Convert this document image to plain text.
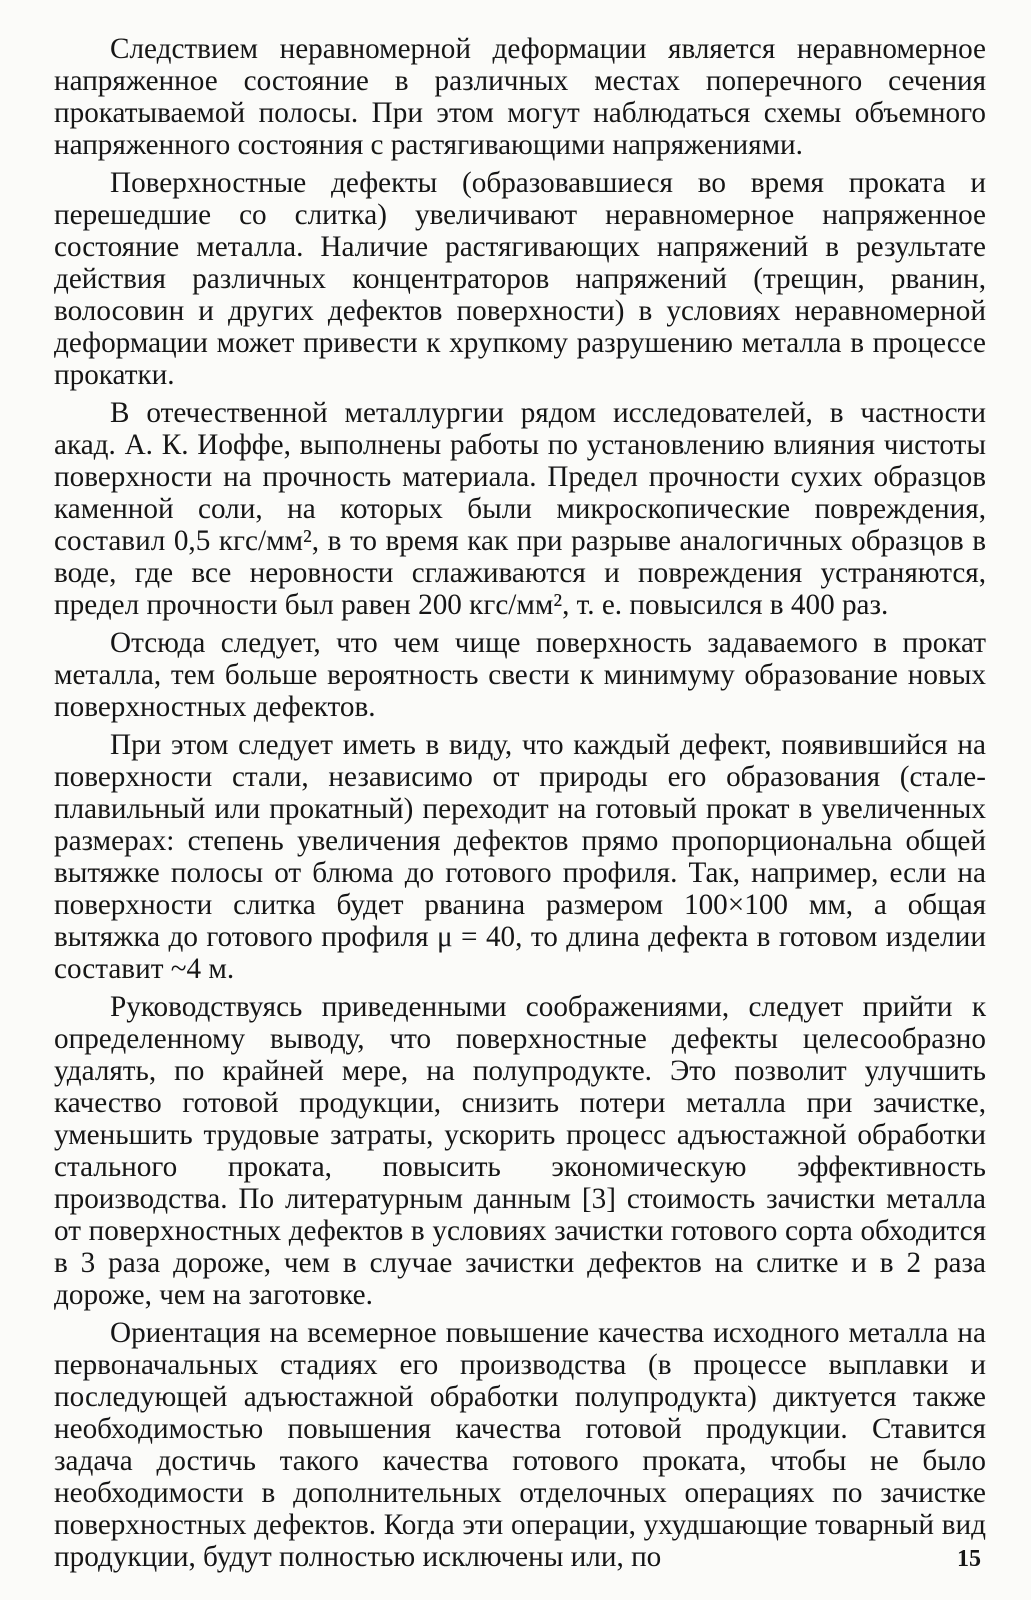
Следствием неравномерной деформации является неравномерное напряженное состояние в различных местах поперечного сечения прокатываемой полосы. При этом могут наблюдаться схемы объемного напряженного состояния с растягивающими напряжениями.

Поверхностные дефекты (образовавшиеся во время проката и перешедшие со слитка) увеличивают неравномерное напряженное состояние металла. Наличие растягивающих напряжений в результате действия различных концентраторов напряжений (трещин, рванин, волосовин и других дефектов поверхности) в условиях неравномерной деформации может привести к хрупкому разрушению металла в процессе прокатки.

В отечественной металлургии рядом исследователей, в частности акад. А. К. Иоффе, выполнены работы по установлению влияния чистоты поверхности на прочность материала. Предел прочности сухих образцов каменной соли, на которых были микроскопические повреждения, составил 0,5 кгс/мм², в то время как при разрыве аналогичных образцов в воде, где все неровности сглаживаются и повреждения устраняются, предел прочности был равен 200 кгс/мм², т. е. повысился в 400 раз.

Отсюда следует, что чем чище поверхность задаваемого в прокат металла, тем больше вероятность свести к минимуму образование новых поверхностных дефектов.

При этом следует иметь в виду, что каждый дефект, появившийся на поверхности стали, независимо от природы его образования (сталеплавильный или прокатный) переходит на готовый прокат в увеличенных размерах: степень увеличения дефектов прямо пропорциональна общей вытяжке полосы от блюма до готового профиля. Так, например, если на поверхности слитка будет рванина размером 100×100 мм, а общая вытяжка до готового профиля μ = 40, то длина дефекта в готовом изделии составит ~4 м.

Руководствуясь приведенными соображениями, следует прийти к определенному выводу, что поверхностные дефекты целесообразно удалять, по крайней мере, на полупродукте. Это позволит улучшить качество готовой продукции, снизить потери металла при зачистке, уменьшить трудовые затраты, ускорить процесс адъюстажной обработки стального проката, повысить экономическую эффективность производства. По литературным данным [3] стоимость зачистки металла от поверхностных дефектов в условиях зачистки готового сорта обходится в 3 раза дороже, чем в случае зачистки дефектов на слитке и в 2 раза дороже, чем на заготовке.

Ориентация на всемерное повышение качества исходного металла на первоначальных стадиях его производства (в процессе выплавки и последующей адъюстажной обработки полупродукта) диктуется также необходимостью повышения качества готовой продукции. Ставится задача достичь такого качества готового проката, чтобы не было необходимости в дополнительных отделочных операциях по зачистке поверхностных дефектов. Когда эти операции, ухудшающие товарный вид продукции, будут полностью исключены или, по	15
